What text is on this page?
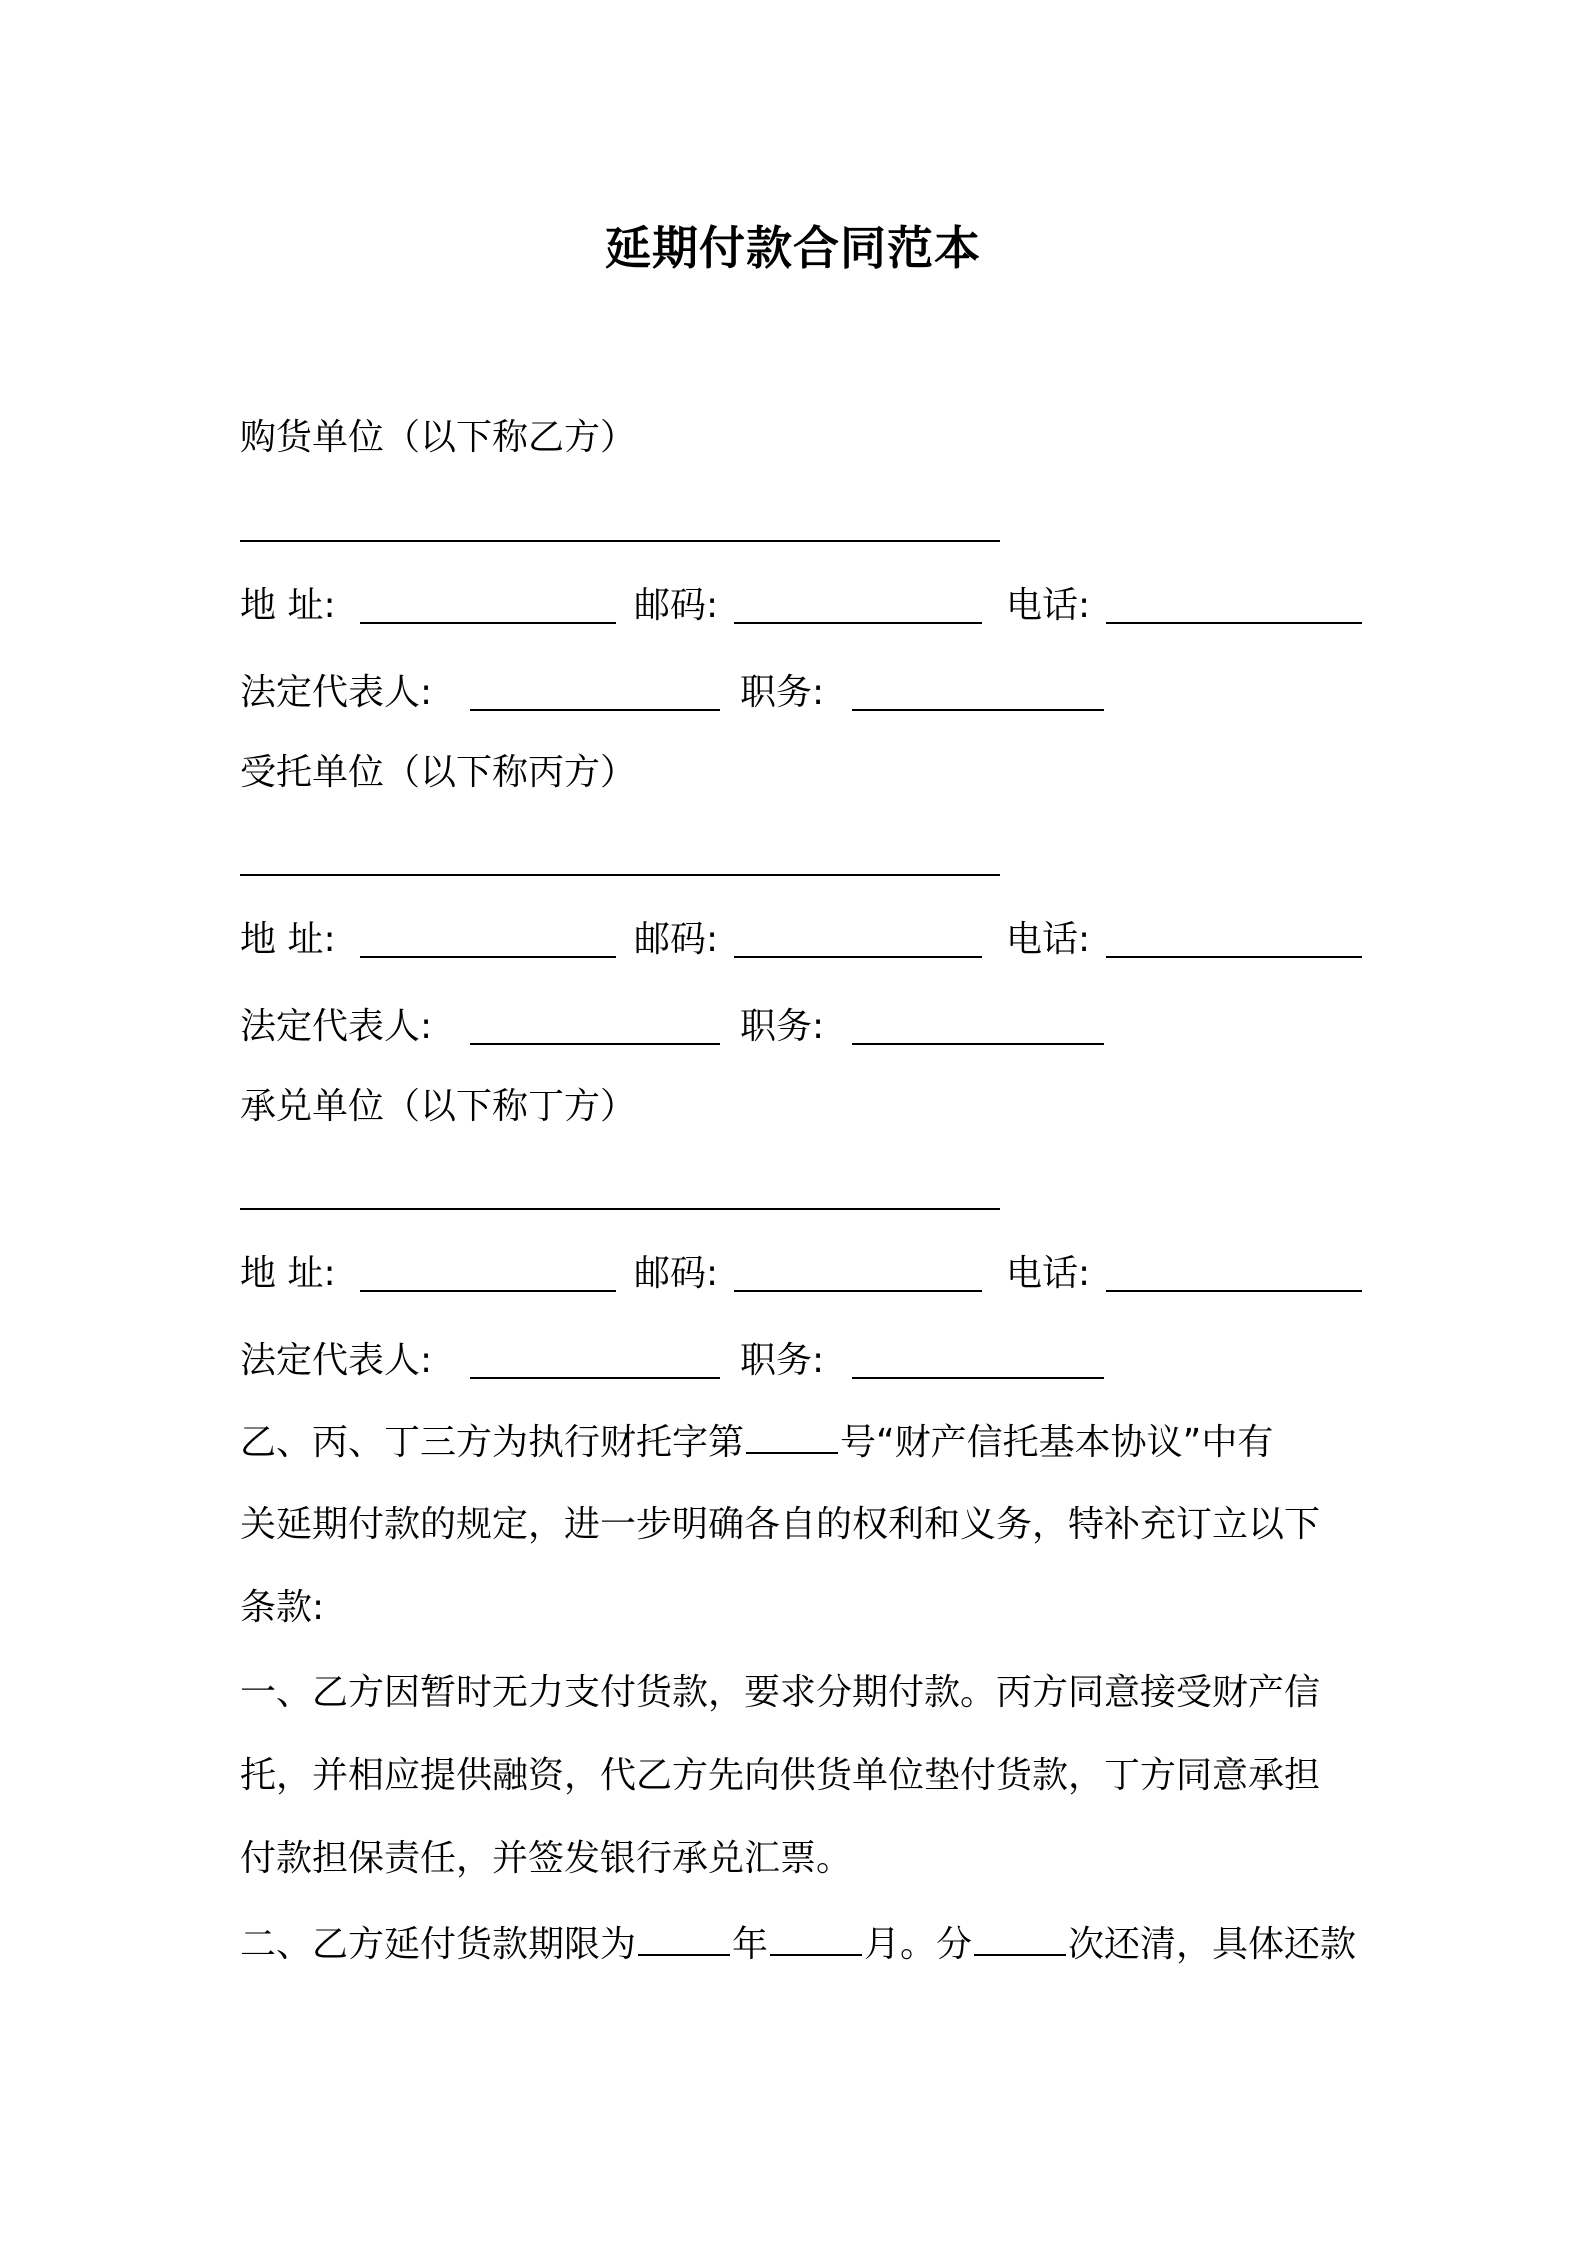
延期付款合同范本
购货单位（以下称乙方）
地 址:	邮码:	电话:
法定代表人:	职务:
受托单位（以下称丙方）
地 址:	邮码:	电话:
法定代表人:	职务:
承兑单位（以下称丁方）
地 址:	邮码:	电话:
法定代表人:	职务:
乙、丙、丁三方为执行财托字第	号“财产信托基本协议”中有
关延期付款的规定，进一步明确各自的权利和义务，特补充订立以下
条款:
一、乙方因暂时无力支付货款，要求分期付款。丙方同意接受财产信
托，并相应提供融资，代乙方先向供货单位垫付货款，丁方同意承担
付款担保责任，并签发银行承兑汇票。
二、乙方延付货款期限为	年	月。分	次还清，具体还款
